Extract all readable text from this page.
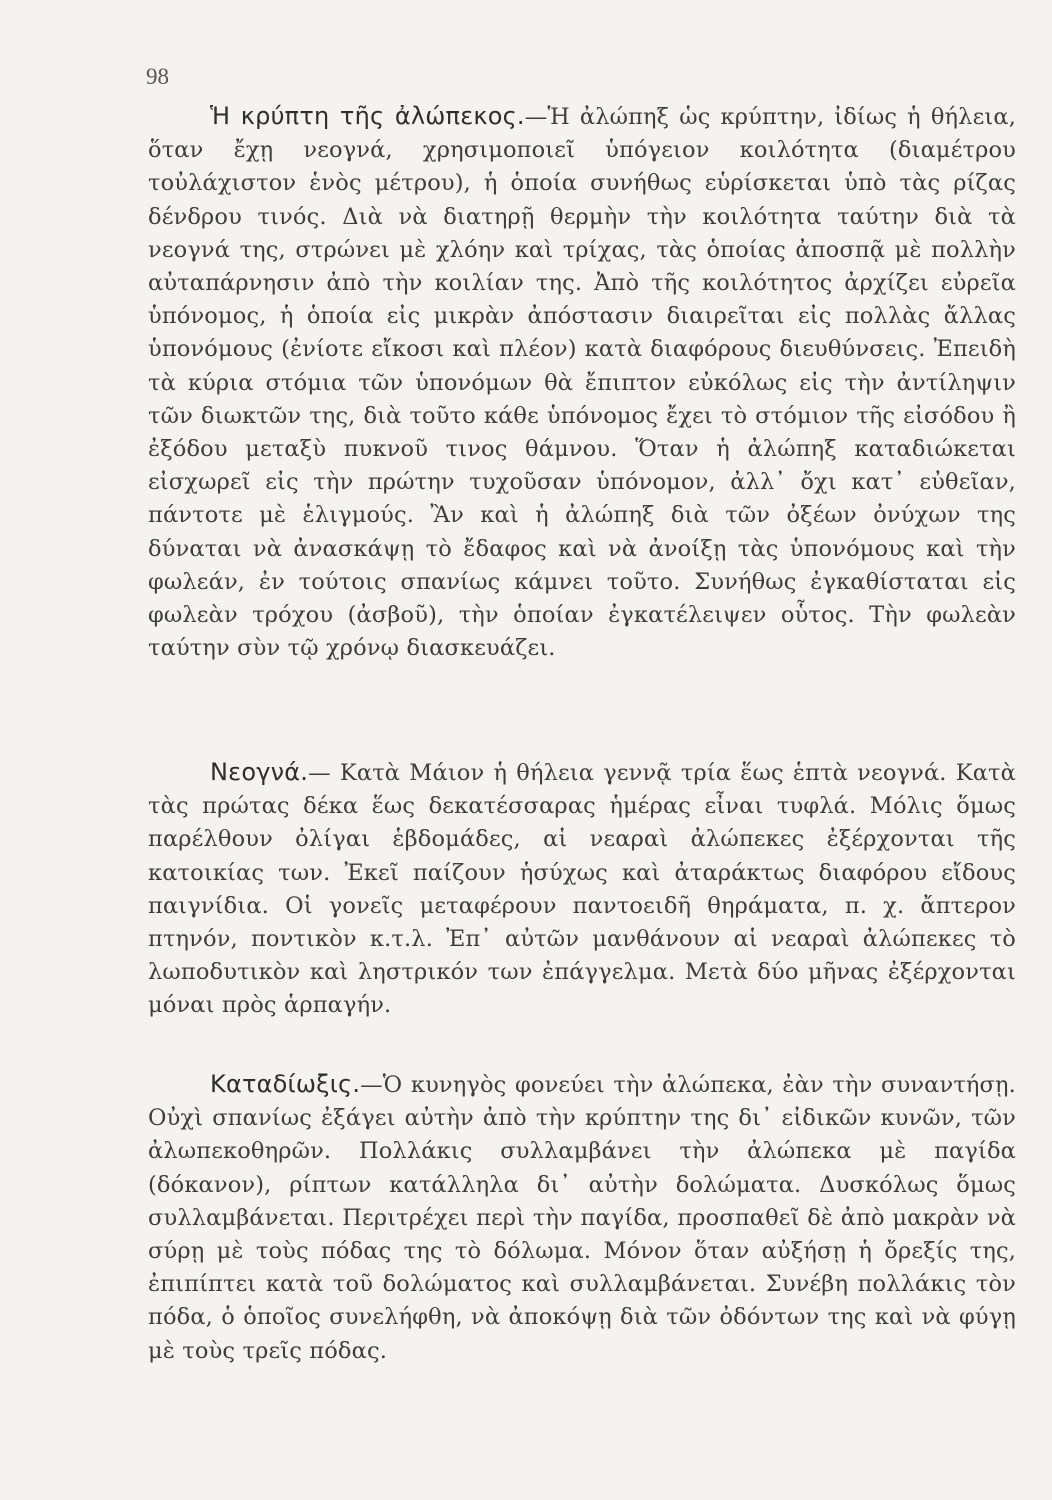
98

Ἡ κρύπτη τῆς ἀλώπεκος.—Ἡ ἀλώπηξ ὡς κρύπτην, ἰδίως ἡ θήλεια, ὅταν ἔχῃ νεογνά, χρησιμοποιεῖ ὑπόγειον κοιλότητα (διαμέτρου τοὐλάχιστον ἑνὸς μέτρου), ἡ ὁποία συνήθως εὑρίσκεται ὑπὸ τὰς ρίζας δένδρου τινός. Διὰ νὰ διατηρῇ θερμὴν τὴν κοιλότητα ταύτην διὰ τὰ νεογνά της, στρώνει μὲ χλόην καὶ τρίχας, τὰς ὁποίας ἀποσπᾷ μὲ πολλὴν αὐταπάρνησιν ἀπὸ τὴν κοιλίαν της. Ἀπὸ τῆς κοιλότητος ἀρχίζει εὐρεῖα ὑπόνομος, ἡ ὁποία εἰς μικρὰν ἀπόστασιν διαιρεῖται εἰς πολλὰς ἄλλας ὑπονόμους (ἐνίοτε εἴκοσι καὶ πλέον) κατὰ διαφόρους διευθύνσεις. Ἐπειδὴ τὰ κύρια στόμια τῶν ὑπονόμων θὰ ἔπιπτον εὐκόλως εἰς τὴν ἀντίληψιν τῶν διωκτῶν της, διὰ τοῦτο κάθε ὑπόνομος ἔχει τὸ στόμιον τῆς εἰσόδου ἢ ἐξόδου μεταξὺ πυκνοῦ τινος θάμνου. Ὅταν ἡ ἀλώπηξ καταδιώκεται εἰσχωρεῖ εἰς τὴν πρώτην τυχοῦσαν ὑπόνομον, ἀλλ᾿ ὄχι κατ᾿ εὐθεῖαν, πάντοτε μὲ ἑλιγμούς. Ἂν καὶ ἡ ἀλώπηξ διὰ τῶν ὀξέων ὀνύχων της δύναται νὰ ἀνασκάψῃ τὸ ἔδαφος καὶ νὰ ἀνοίξῃ τὰς ὑπονόμους καὶ τὴν φωλεάν, ἐν τούτοις σπανίως κάμνει τοῦτο. Συνήθως ἐγκαθίσταται εἰς φωλεὰν τρόχου (ἀσβοῦ), τὴν ὁποίαν ἐγκατέλειψεν οὗτος. Τὴν φωλεὰν ταύτην σὺν τῷ χρόνῳ διασκευάζει.

Νεογνά.— Κατὰ Μάιον ἡ θήλεια γεννᾷ τρία ἕως ἑπτὰ νεογνά. Κατὰ τὰς πρώτας δέκα ἕως δεκατέσσαρας ἡμέρας εἶναι τυφλά. Μόλις ὅμως παρέλθουν ὀλίγαι ἑβδομάδες, αἱ νεαραὶ ἀλώπεκες ἐξέρχονται τῆς κατοικίας των. Ἐκεῖ παίζουν ἡσύχως καὶ ἀταράκτως διαφόρου εἴδους παιγνίδια. Οἱ γονεῖς μεταφέρουν παντοειδῆ θηράματα, π. χ. ἄπτερον πτηνόν, ποντικὸν κ.τ.λ. Ἐπ᾿ αὐτῶν μανθάνουν αἱ νεαραὶ ἀλώπεκες τὸ λωποδυτικὸν καὶ ληστρικόν των ἐπάγγελμα. Μετὰ δύο μῆνας ἐξέρχονται μόναι πρὸς ἁρπαγήν.

Καταδίωξις.—Ὁ κυνηγὸς φονεύει τὴν ἀλώπεκα, ἐὰν τὴν συναντήσῃ. Οὐχὶ σπανίως ἐξάγει αὐτὴν ἀπὸ τὴν κρύπτην της δι᾿ εἰδικῶν κυνῶν, τῶν ἀλωπεκοθηρῶν. Πολλάκις συλλαμβάνει τὴν ἀλώπεκα μὲ παγίδα (δόκανον), ρίπτων κατάλληλα δι᾿ αὐτὴν δολώματα. Δυσκόλως ὅμως συλλαμβάνεται. Περιτρέχει περὶ τὴν παγίδα, προσπαθεῖ δὲ ἀπὸ μακρὰν νὰ σύρῃ μὲ τοὺς πόδας της τὸ δόλωμα. Μόνον ὅταν αὐξήσῃ ἡ ὄρεξίς της, ἐπιπίπτει κατὰ τοῦ δολώματος καὶ συλλαμβάνεται. Συνέβη πολλάκις τὸν πόδα, ὁ ὁποῖος συνελήφθη, νὰ ἀποκόψῃ διὰ τῶν ὀδόντων της καὶ νὰ φύγῃ μὲ τοὺς τρεῖς πόδας.
